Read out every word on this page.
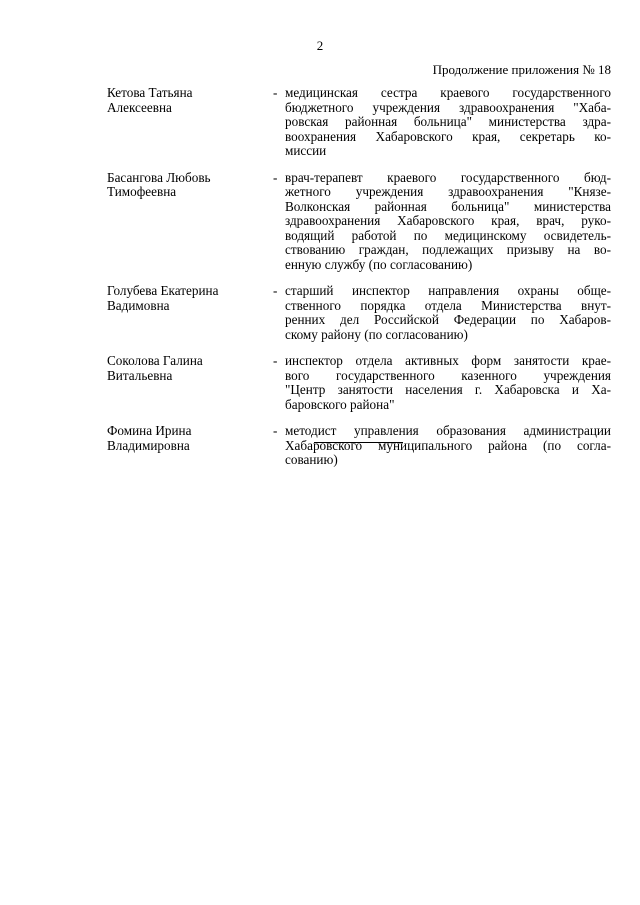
2
Продолжение приложения № 18
Кетова Татьяна
Алексеевна
- медицинская сестра краевого государственного
бюджетного учреждения здравоохранения "Хаба-
ровская районная больница" министерства здра-
воохранения Хабаровского края, секретарь ко-
миссии
Басангова Любовь
Тимофеевна
- врач-терапевт краевого государственного бюд-
жетного учреждения здравоохранения "Князе-
Волконская районная больница" министерства
здравоохранения Хабаровского края, врач, руко-
водящий работой по медицинскому освидетель-
ствованию граждан, подлежащих призыву на во-
енную службу (по согласованию)
Голубева Екатерина
Вадимовна
- старший инспектор направления охраны обще-
ственного порядка отдела Министерства внут-
ренних дел Российской Федерации по Хабаров-
скому району (по согласованию)
Соколова Галина
Витальевна
- инспектор отдела активных форм занятости крае-
вого государственного казенного учреждения
"Центр занятости населения г. Хабаровска и Ха-
баровского района"
Фомина Ирина
Владимировна
- методист управления образования администрации
Хабаровского муниципального района (по согла-
сованию)
